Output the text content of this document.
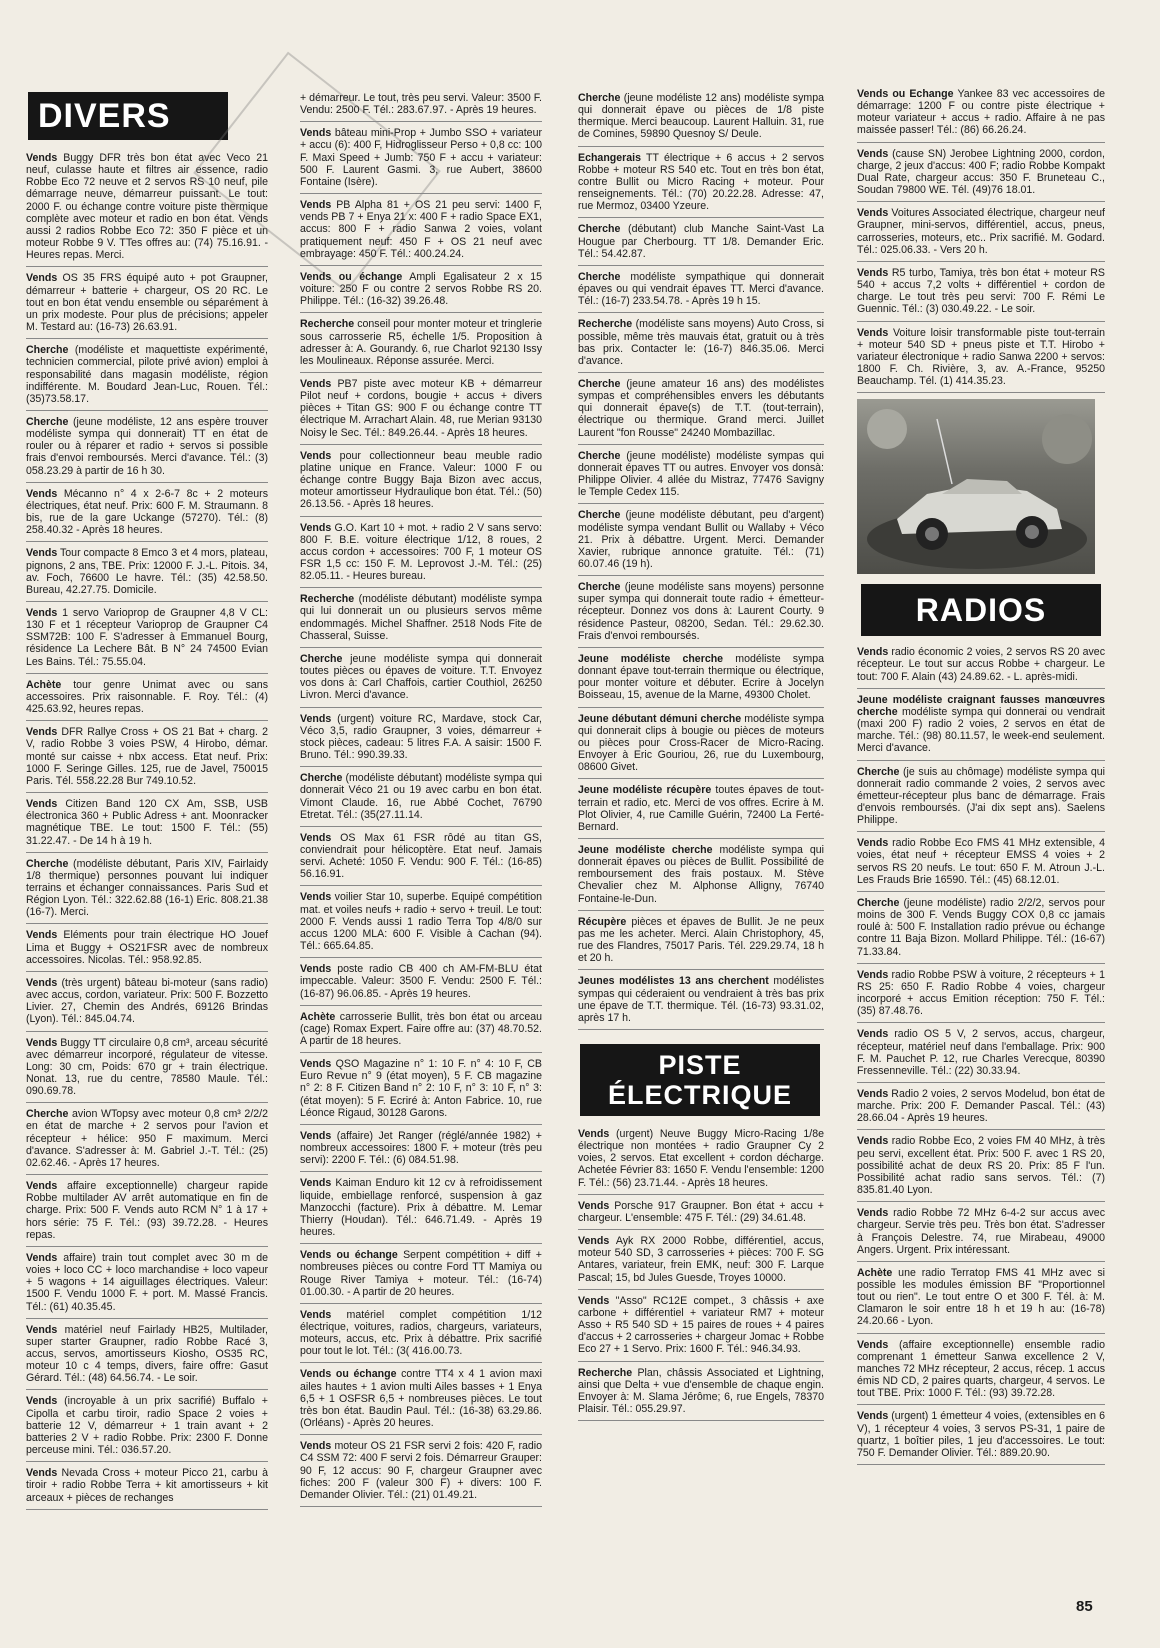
DIVERS
Vends Buggy DFR très bon état avec Veco 21 neuf, culasse haute et filtres air essence, radio Robbe Eco 72 neuve et 2 servos RS 10 neuf, pile démarrage neuve, démarreur puissant. Le tout: 2000 F. ou échange contre voiture piste thermique complète avec moteur et radio en bon état. Vends aussi 2 radios Robbe Eco 72: 350 F pièce et un moteur Robbe 9 V. TTes offres au: (74) 75.16.91. - Heures repas. Merci.
Vends OS 35 FRS équipé auto + pot Graupner, démarreur + batterie + chargeur, OS 20 RC. Le tout en bon état vendu ensemble ou séparément à un prix modeste. Pour plus de précisions; appeler M. Testard au: (16-73) 26.63.91.
Cherche (modéliste et maquettiste expérimenté, technicien commercial, pilote privé avion) emploi à responsabilité dans magasin modéliste, région indifférente. M. Boudard Jean-Luc, Rouen. Tél.: (35)73.58.17.
Cherche (jeune modéliste, 12 ans espère trouver modéliste sympa qui donnerait) TT en état de rouler ou à réparer et radio + servos si possible frais d'envoi remboursés. Merci d'avance. Tél.: (3) 058.23.29 à partir de 16 h 30.
Vends Mécanno n° 4 x 2-6-7 8c + 2 moteurs électriques, état neuf. Prix: 600 F. M. Straumann. 8 bis, rue de la gare Uckange (57270). Tél.: (8) 258.40.32 - Après 18 heures.
Vends Tour compacte 8 Emco 3 et 4 mors, plateau, pignons, 2 ans, TBE. Prix: 12000 F. J.-L. Pitois. 34, av. Foch, 76600 Le havre. Tél.: (35) 42.58.50. Bureau, 42.27.75. Domicile.
Vends 1 servo Varioprop de Graupner 4,8 V CL: 130 F et 1 récepteur Varioprop de Graupner C4 SSM72B: 100 F. S'adresser à Emmanuel Bourg, résidence La Lechere Bât. B N° 24 74500 Evian Les Bains. Tél.: 75.55.04.
Achète tour genre Unimat avec ou sans accessoires. Prix raisonnable. F. Roy. Tél.: (4) 425.63.92, heures repas.
Vends DFR Rallye Cross + OS 21 Bat + charg. 2 V, radio Robbe 3 voies PSW, 4 Hirobo, démar. monté sur caisse + nbx access. Etat neuf. Prix: 1000 F. Seringe Gilles. 125, rue de Javel, 750015 Paris. Tél. 558.22.28 Bur 749.10.52.
Vends Citizen Band 120 CX Am, SSB, USB électronica 360 + Public Adress + ant. Moonracker magnétique TBE. Le tout: 1500 F. Tél.: (55) 31.22.47. - De 14 h à 19 h.
Cherche (modéliste débutant, Paris XIV, Fairlaidy 1/8 thermique) personnes pouvant lui indiquer terrains et échanger connaissances. Paris Sud et Région Lyon. Tél.: 322.62.88 (16-1) Eric. 808.21.38 (16-7). Merci.
Vends Eléments pour train électrique HO Jouef Lima et Buggy + OS21FSR avec de nombreux accessoires. Nicolas. Tél.: 958.92.85.
Vends (très urgent) bâteau bi-moteur (sans radio) avec accus, cordon, variateur. Prix: 500 F. Bozzetto Livier. 27, Chemin des Andrés, 69126 Brindas (Lyon). Tél.: 845.04.74.
Vends Buggy TT circulaire 0,8 cm³, arceau sécurité avec démarreur incorporé, régulateur de vitesse. Long: 30 cm, Poids: 670 gr + train électrique. Nonat. 13, rue du centre, 78580 Maule. Tél.: 090.69.78.
Cherche avion WTopsy avec moteur 0,8 cm³ 2/2/2 en état de marche + 2 servos pour l'avion et récepteur + hélice: 950 F maximum. Merci d'avance. S'adresser à: M. Gabriel J.-T. Tél.: (25) 02.62.46. - Après 17 heures.
Vends affaire exceptionnelle) chargeur rapide Robbe multilader AV arrêt automatique en fin de charge. Prix: 500 F. Vends auto RCM N° 1 à 17 + hors série: 75 F. Tél.: (93) 39.72.28. - Heures repas.
Vends affaire) train tout complet avec 30 m de voies + loco CC + loco marchandise + loco vapeur + 5 wagons + 14 aiguillages électriques. Valeur: 1500 F. Vendu 1000 F. + port. M. Massé Francis. Tél.: (61) 40.35.45.
Vends matériel neuf Fairlady HB25, Multilader, super starter Graupner, radio Robbe Racé 3, accus, servos, amortisseurs Kiosho, OS35 RC, moteur 10 c 4 temps, divers, faire offre: Gasut Gérard. Tél.: (48) 64.56.74. - Le soir.
Vends (incroyable à un prix sacrifié) Buffalo + Cipolla et carbu tiroir, radio Space 2 voies + batterie 12 V, démarreur + 1 train avant + 2 batteries 2 V + radio Robbe. Prix: 2300 F. Donne perceuse mini. Tél.: 036.57.20.
Vends Nevada Cross + moteur Picco 21, carbu à tiroir + radio Robbe Terra + kit amortisseurs + kit arceaux + pièces de rechanges
+ démarreur. Le tout, très peu servi. Valeur: 3500 F. Vendu: 2500 F. Tél.: 283.67.97. - Après 19 heures.
Vends bâteau mini-Prop + Jumbo SSO + variateur + accu (6): 400 F, Hidroglisseur Perso + 0,8 cc: 100 F. Maxi Speed + Jumb: 750 F + accu + variateur: 500 F. Laurent Gasmi. 3, rue Aubert, 38600 Fontaine (Isère).
Vends PB Alpha 81 + OS 21 peu servi: 1400 F, vends PB 7 + Enya 21 x: 400 F + radio Space EX1, accus: 800 F + radio Sanwa 2 voies, volant pratiquement neuf: 450 F + OS 21 neuf avec embrayage: 450 F. Tél.: 400.24.24.
Vends ou échange Ampli Egalisateur 2 x 15 voiture: 250 F ou contre 2 servos Robbe RS 20. Philippe. Tél.: (16-32) 39.26.48.
Recherche conseil pour monter moteur et tringlerie sous carrosserie R5, échelle 1/5. Proposition à adresser à: A. Gourandy. 6, rue Charlot 92130 Issy les Moulineaux. Réponse assurée. Merci.
Vends PB7 piste avec moteur KB + démarreur Pilot neuf + cordons, bougie + accus + divers pièces + Titan GS: 900 F ou échange contre TT électrique M. Arrachart Alain. 48, rue Merian 93130 Noisy le Sec. Tél.: 849.26.44. - Après 18 heures.
Vends pour collectionneur beau meuble radio platine unique en France. Valeur: 1000 F ou échange contre Buggy Baja Bizon avec accus, moteur amortisseur Hydraulique bon état. Tél.: (50) 26.13.56. - Après 18 heures.
Vends G.O. Kart 10 + mot. + radio 2 V sans servo: 800 F. B.E. voiture électrique 1/12, 8 roues, 2 accus cordon + accessoires: 700 F, 1 moteur OS FSR 1,5 cc: 150 F. M. Leprovost J.-M. Tél.: (25) 82.05.11. - Heures bureau.
Recherche (modéliste débutant) modéliste sympa qui lui donnerait un ou plusieurs servos même endommagés. Michel Shaffner. 2518 Nods Fite de Chasseral, Suisse.
Cherche jeune modéliste sympa qui donnerait toutes pièces ou épaves de voiture. T.T. Envoyez vos dons à: Carl Chaffois, cartier Couthiol, 26250 Livron. Merci d'avance.
Vends (urgent) voiture RC, Mardave, stock Car, Véco 3,5, radio Graupner, 3 voies, démarreur + stock pièces, cadeau: 5 litres F.A. A saisir: 1500 F. Bruno. Tél.: 990.39.33.
Cherche (modéliste débutant) modéliste sympa qui donnerait Véco 21 ou 19 avec carbu en bon état. Vimont Claude. 16, rue Abbé Cochet, 76790 Etretat. Tél.: (35(27.11.14.
Vends OS Max 61 FSR rôdé au titan GS, conviendrait pour hélicoptère. Etat neuf. Jamais servi. Acheté: 1050 F. Vendu: 900 F. Tél.: (16-85) 56.16.91.
Vends voilier Star 10, superbe. Equipé compétition mat. et voiles neufs + radio + servo + treuil. Le tout: 2000 F. Vends aussi 1 radio Terra Top 4/8/0 sur accus 1200 MLA: 600 F. Visible à Cachan (94). Tél.: 665.64.85.
Vends poste radio CB 400 ch AM-FM-BLU état impeccable. Valeur: 3500 F. Vendu: 2500 F. Tél.: (16-87) 96.06.85. - Après 19 heures.
Achète carrosserie Bullit, très bon état ou arceau (cage) Romax Expert. Faire offre au: (37) 48.70.52. A partir de 18 heures.
Vends QSO Magazine n° 1: 10 F. n° 4: 10 F, CB Euro Revue n° 9 (état moyen), 5 F. CB magazine n° 2: 8 F. Citizen Band n° 2: 10 F, n° 3: 10 F, n° 3: (état moyen): 5 F. Ecriré à: Anton Fabrice. 10, rue Léonce Rigaud, 30128 Garons.
Vends (affaire) Jet Ranger (réglé/année 1982) + nombreux accessoires: 1800 F. + moteur (très peu servi): 2200 F. Tél.: (6) 084.51.98.
Vends Kaiman Enduro kit 12 cv à refroidissement liquide, embiellage renforcé, suspension à gaz Manzocchi (facture). Prix à débattre. M. Lemar Thierry (Houdan). Tél.: 646.71.49. - Après 19 heures.
Vends ou échange Serpent compétition + diff + nombreuses pièces ou contre Ford TT Mamiya ou Rouge River Tamiya + moteur. Tél.: (16-74) 01.00.30. - A partir de 20 heures.
Vends matériel complet compétition 1/12 électrique, voitures, radios, chargeurs, variateurs, moteurs, accus, etc. Prix à débattre. Prix sacrifié pour tout le lot. Tél.: (3( 416.00.73.
Vends ou échange contre TT4 x 4 1 avion maxi ailes hautes + 1 avion multi Ailes basses + 1 Enya 6,5 + 1 OSFSR 6,5 + nombreuses pièces. Le tout très bon état. Baudin Paul. Tél.: (16-38) 63.29.86. (Orléans) - Après 20 heures.
Vends moteur OS 21 FSR servi 2 fois: 420 F, radio C4 SSM 72: 400 F servi 2 fois. Démarreur Grauper: 90 F, 12 accus: 90 F, chargeur Graupner avec fiches: 200 F (valeur 300 F) + divers: 100 F. Demander Olivier. Tél.: (21) 01.49.21.
Cherche (jeune modéliste 12 ans) modéliste sympa qui donnerait épave ou pièces de 1/8 piste thermique. Merci beaucoup. Laurent Halluin. 31, rue de Comines, 59890 Quesnoy S/ Deule.
Echangerais TT électrique + 6 accus + 2 servos Robbe + moteur RS 540 etc. Tout en très bon état, contre Bullit ou Micro Racing + moteur. Pour renseignements. Tél.: (70) 20.22.28. Adresse: 47, rue Mermoz, 03400 Yzeure.
Cherche (débutant) club Manche Saint-Vast La Hougue par Cherbourg. TT 1/8. Demander Eric. Tél.: 54.42.87.
Cherche modéliste sympathique qui donnerait épaves ou qui vendrait épaves TT. Merci d'avance. Tél.: (16-7) 233.54.78. - Après 19 h 15.
Recherche (modéliste sans moyens) Auto Cross, si possible, même très mauvais état, gratuit ou à très bas prix. Contacter le: (16-7) 846.35.06. Merci d'avance.
Cherche (jeune amateur 16 ans) des modélistes sympas et compréhensibles envers les débutants qui donnerait épave(s) de T.T. (tout-terrain), électrique ou thermique. Grand merci. Juillet Laurent "fon Rousse" 24240 Mombazillac.
Cherche (jeune modéliste) modéliste sympas qui donnerait épaves TT ou autres. Envoyer vos donsà: Philippe Olivier. 4 allée du Mistraz, 77476 Savigny le Temple Cedex 115.
Cherche (jeune modéliste débutant, peu d'argent) modéliste sympa vendant Bullit ou Wallaby + Véco 21. Prix à débattre. Urgent. Merci. Demander Xavier, rubrique annonce gratuite. Tél.: (71) 60.07.46 (19 h).
Cherche (jeune modéliste sans moyens) personne super sympa qui donnerait toute radio + émetteur-récepteur. Donnez vos dons à: Laurent Courty. 9 résidence Pasteur, 08200, Sedan. Tél.: 29.62.30. Frais d'envoi remboursés.
Jeune modéliste cherche modéliste sympa donnant épave tout-terrain thermique ou électrique, pour monter voiture et débuter. Ecrire à Jocelyn Boisseau, 15, avenue de la Marne, 49300 Cholet.
Jeune débutant démuni cherche modéliste sympa qui donnerait clips à bougie ou pièces de moteurs ou pièces pour Cross-Racer de Micro-Racing. Envoyer à Eric Gouriou, 26, rue du Luxembourg, 08600 Givet.
Jeune modéliste récupère toutes épaves de tout-terrain et radio, etc. Merci de vos offres. Ecrire à M. Plot Olivier, 4, rue Camille Guérin, 72400 La Ferté-Bernard.
Jeune modéliste cherche modéliste sympa qui donnerait épaves ou pièces de Bullit. Possibilité de remboursement des frais postaux. M. Stève Chevalier chez M. Alphonse Alligny, 76740 Fontaine-le-Dun.
Récupère pièces et épaves de Bullit. Je ne peux pas me les acheter. Merci. Alain Christophory, 45, rue des Flandres, 75017 Paris. Tél. 229.29.74, 18 h et 20 h.
Jeunes modélistes 13 ans cherchent modélistes sympas qui céderaient ou vendraient à très bas prix une épave de T.T. thermique. Tél. (16-73) 93.31.02, après 17 h.
PISTE ÉLECTRIQUE
Vends (urgent) Neuve Buggy Micro-Racing 1/8e électrique non montées + radio Graupner Cy 2 voies, 2 servos. Etat excellent + cordon décharge. Achetée Février 83: 1650 F. Vendu l'ensemble: 1200 F. Tél.: (56) 23.71.44. - Après 18 heures.
Vends Porsche 917 Graupner. Bon état + accu + chargeur. L'ensemble: 475 F. Tél.: (29) 34.61.48.
Vends Ayk RX 2000 Robbe, différentiel, accus, moteur 540 SD, 3 carrosseries + pièces: 700 F. SG Antares, variateur, frein EMK, neuf: 300 F. Larque Pascal; 15, bd Jules Guesde, Troyes 10000.
Vends "Asso" RC12E compet., 3 châssis + axe carbone + différentiel + variateur RM7 + moteur Asso + R5 540 SD + 15 paires de roues + 4 paires d'accus + 2 carrosseries + chargeur Jomac + Robbe Eco 27 + 1 Servo. Prix: 1600 F. Tél.: 946.34.93.
Recherche Plan, châssis Associated et Lightning, ainsi que Delta + vue d'ensemble de chaque engin. Envoyer à: M. Slama Jérôme; 6, rue Engels, 78370 Plaisir. Tél.: 055.29.97.
Vends ou Echange Yankee 83 vec accessoires de démarrage: 1200 F ou contre piste électrique + moteur variateur + accus + radio. Affaire à ne pas maissée passer! Tél.: (86) 66.26.24.
Vends (cause SN) Jerobee Lightning 2000, cordon, charge, 2 jeux d'accus: 400 F; radio Robbe Kompakt Dual Rate, chargeur accus: 350 F. Bruneteau C., Soudan 79800 WE. Tél. (49)76 18.01.
Vends Voitures Associated électrique, chargeur neuf Graupner, mini-servos, différentiel, accus, pneus, carrosseries, moteurs, etc.. Prix sacrifié. M. Godard. Tél.: 025.06.33. - Vers 20 h.
Vends R5 turbo, Tamiya, très bon état + moteur RS 540 + accus 7,2 volts + différentiel + cordon de charge. Le tout très peu servi: 700 F. Rémi Le Guennic. Tél.: (3) 030.49.22. - Le soir.
Vends Voiture loisir transformable piste tout-terrain + moteur 540 SD + pneus piste et T.T. Hirobo + variateur électronique + radio Sanwa 2200 + servos: 1800 F. Ch. Rivière, 3, av. A.-France, 95250 Beauchamp. Tél. (1) 414.35.23.
RADIOS
Vends radio économic 2 voies, 2 servos RS 20 avec récepteur. Le tout sur accus Robbe + chargeur. Le tout: 700 F. Alain (43) 24.89.62. - L. après-midi.
Jeune modéliste craignant fausses manœuvres cherche modéliste sympa qui donnerai ou vendrait (maxi 200 F) radio 2 voies, 2 servos en état de marche. Tél.: (98) 80.11.57, le week-end seulement. Merci d'avance.
Cherche (je suis au chômage) modéliste sympa qui donnerait radio commande 2 voies, 2 servos avec émetteur-récepteur plus banc de démarrage. Frais d'envois remboursés. (J'ai dix sept ans). Saelens Philippe.
Vends radio Robbe Eco FMS 41 MHz extensible, 4 voies, état neuf + récepteur EMSS 4 voies + 2 servos RS 20 neufs. Le tout: 650 F. M. Atroun J.-L. Les Frauds Brie 16590. Tél.: (45) 68.12.01.
Cherche (jeune modéliste) radio 2/2/2, servos pour moins de 300 F. Vends Buggy COX 0,8 cc jamais roulé à: 500 F. Installation radio prévue ou échange contre 11 Baja Bizon. Mollard Philippe. Tél.: (16-67) 71.33.84.
Vends radio Robbe PSW à voiture, 2 récepteurs + 1 RS 25: 650 F. Radio Robbe 4 voies, chargeur incorporé + accus Emition réception: 750 F. Tél.: (35) 87.48.76.
Vends radio OS 5 V, 2 servos, accus, chargeur, récepteur, matériel neuf dans l'emballage. Prix: 900 F. M. Pauchet P. 12, rue Charles Verecque, 80390 Fressenneville. Tél.: (22) 30.33.94.
Vends Radio 2 voies, 2 servos Modelud, bon état de marche. Prix: 200 F. Demander Pascal. Tél.: (43) 28.66.04 - Après 19 heures.
Vends radio Robbe Eco, 2 voies FM 40 MHz, à très peu servi, excellent état. Prix: 500 F. avec 1 RS 20, possibilité achat de deux RS 20. Prix: 85 F l'un. Possibilité achat radio sans servos. Tél.: (7) 835.81.40 Lyon.
Vends radio Robbe 72 MHz 6-4-2 sur accus avec chargeur. Servie très peu. Très bon état. S'adresser à François Delestre. 74, rue Mirabeau, 49000 Angers. Urgent. Prix intéressant.
Achète une radio Terratop FMS 41 MHz avec si possible les modules émission BF "Proportionnel tout ou rien". Le tout entre O et 300 F. Tél. à: M. Clamaron le soir entre 18 h et 19 h au: (16-78) 24.20.66 - Lyon.
Vends (affaire exceptionnelle) ensemble radio comprenant 1 émetteur Sanwa excellence 2 V, manches 72 MHz récepteur, 2 accus, récep. 1 accus émis ND CD, 2 paires quarts, chargeur, 4 servos. Le tout TBE. Prix: 1000 F. Tél.: (93) 39.72.28.
Vends (urgent) 1 émetteur 4 voies, (extensibles en 6 V), 1 récepteur 4 voies, 3 servos PS-31, 1 paire de quartz, 1 boîtier piles, 1 jeu d'accessoires. Le tout: 750 F. Demander Olivier. Tél.: 889.20.90.
85
